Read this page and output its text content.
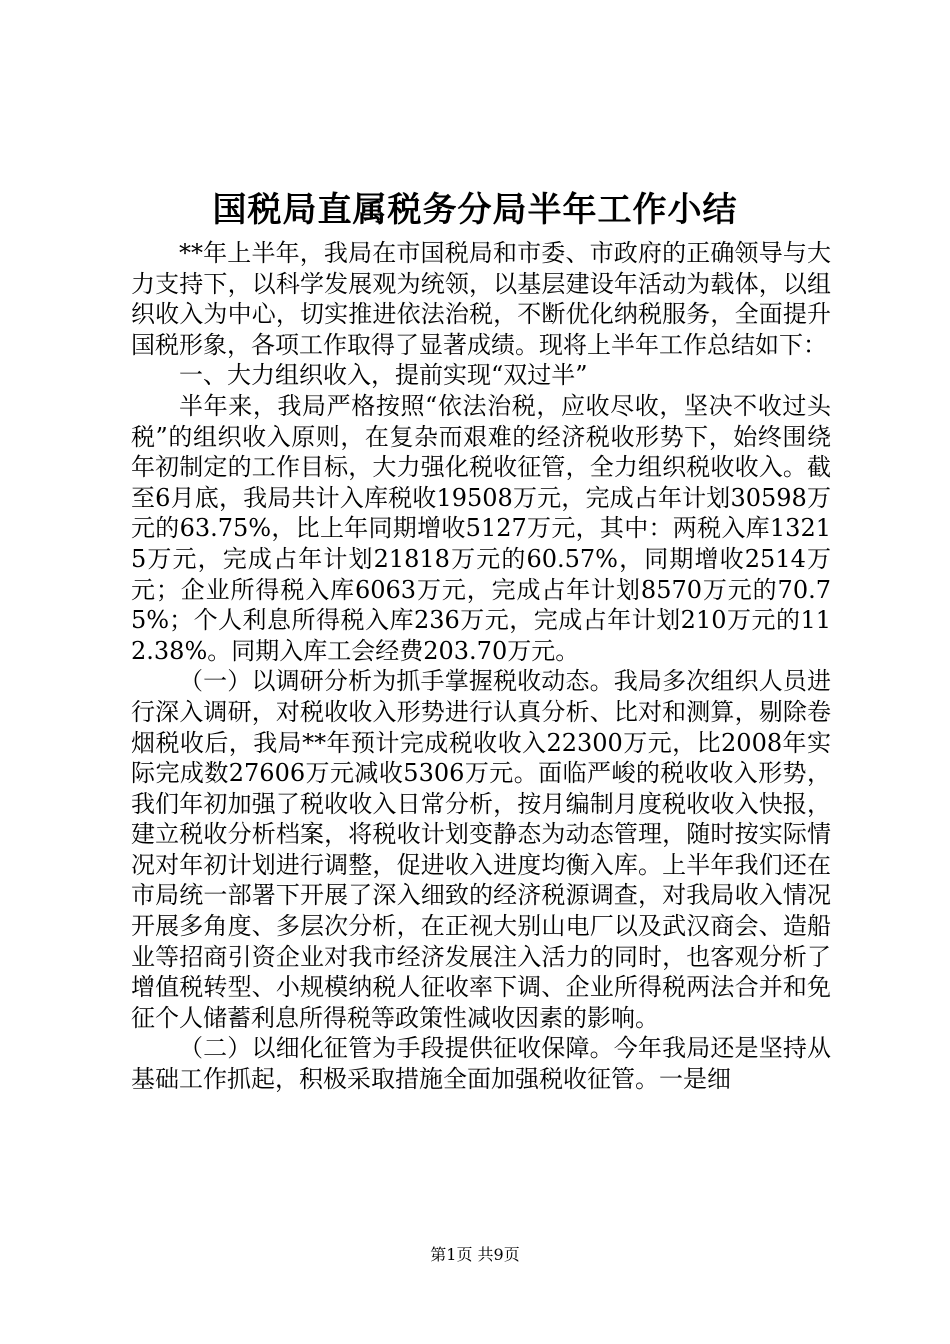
国税局直属税务分局半年工作小结

**年上半年，我局在市国税局和市委、市政府的正确领导与大力支持下，以科学发展观为统领，以基层建设年活动为载体，以组织收入为中心，切实推进依法治税，不断优化纳税服务，全面提升国税形象，各项工作取得了显著成绩。现将上半年工作总结如下：

一、大力组织收入，提前实现“双过半”

半年来，我局严格按照“依法治税，应收尽收，坚决不收过头税”的组织收入原则，在复杂而艰难的经济税收形势下，始终围绕年初制定的工作目标，大力强化税收征管，全力组织税收收入。截至6月底，我局共计入库税收19508万元，完成占年计划30598万元的63.75%，比上年同期增收5127万元，其中：两税入库13215万元，完成占年计划21818万元的60.57%，同期增收2514万元；企业所得税入库6063万元，完成占年计划8570万元的70.75%；个人利息所得税入库236万元，完成占年计划210万元的112.38%。同期入库工会经费203.70万元。

（一）以调研分析为抓手掌握税收动态。我局多次组织人员进行深入调研，对税收收入形势进行认真分析、比对和测算，剔除卷烟税收后，我局**年预计完成税收收入22300万元，比2008年实际完成数27606万元减收5306万元。面临严峻的税收收入形势，我们年初加强了税收收入日常分析，按月编制月度税收收入快报，建立税收分析档案，将税收计划变静态为动态管理，随时按实际情况对年初计划进行调整，促进收入进度均衡入库。上半年我们还在市局统一部署下开展了深入细致的经济税源调查，对我局收入情况开展多角度、多层次分析，在正视大别山电厂以及武汉商会、造船业等招商引资企业对我市经济发展注入活力的同时，也客观分析了增值税转型、小规模纳税人征收率下调、企业所得税两法合并和免征个人储蓄利息所得税等政策性减收因素的影响。

（二）以细化征管为手段提供征收保障。今年我局还是坚持从基础工作抓起，积极采取措施全面加强税收征管。一是细

第1页 共9页
